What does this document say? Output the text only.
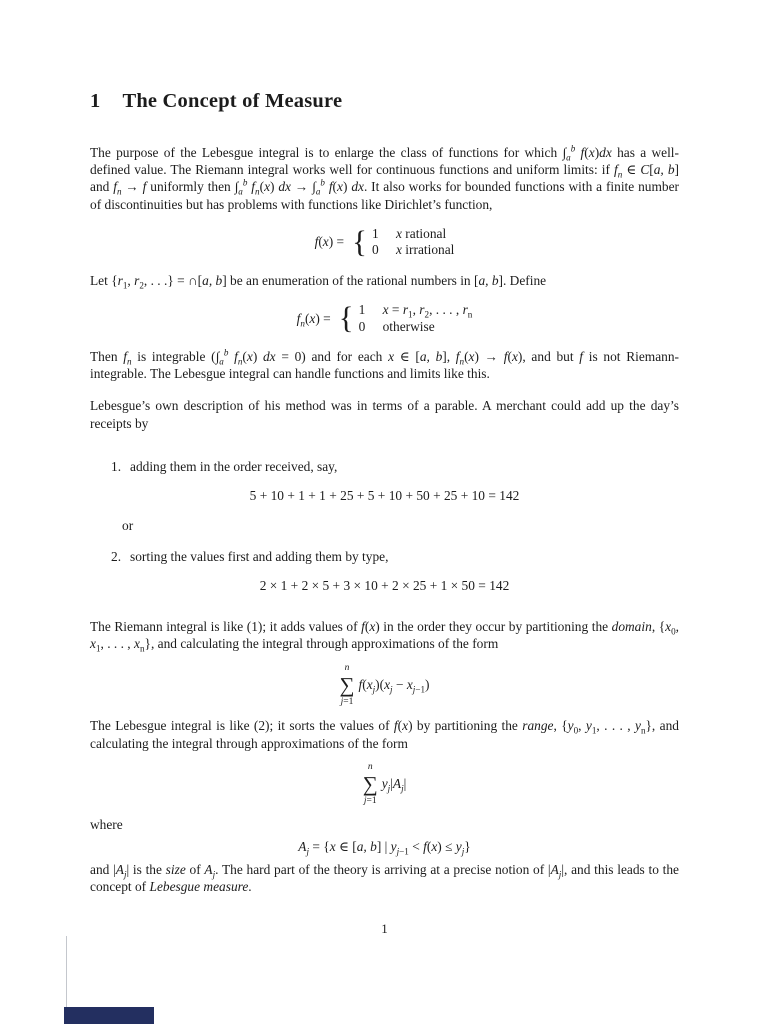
1 The Concept of Measure

The purpose of the Lebesgue integral is to enlarge the class of functions for which $\int_a^b$ f(x)dx has a well-defined value. The Riemann integral works well for continuous functions and uniform limits: if $f_n$ ∈ C[a, b] and $f_n \to f$ uniformly then $\int_a^b$ $f_n(x)$ dx → $\int_a^b$ f(x) dx. It also works for bounded functions with a finite number of discontinuities but has problems with functions like Dirichlet’s function,

f(x) = { 1 x rational
0 x irrational

Let {$r_1$, $r_2$, . . .} = ∩[a, b] be an enumeration of the rational numbers in [a, b]. Define

$f_n(x)$ = { 1 $x = r_1$, $r_2$, . . . , $r_n$
0 otherwise

Then $f_n$ is integrable ($\int_a^b$ $f_n(x)$ dx = 0) and for each x ∈ [a, b], $f_n(x) \to f(x)$, and but f is not Riemann-integrable. The Lebesgue integral can handle functions and limits like this.

Lebesgue’s own description of his method was in terms of a parable. A merchant could add up the day’s receipts by

1. adding them in the order received, say,
5 + 10 + 1 + 1 + 25 + 5 + 10 + 50 + 25 + 10 = 142
or
2. sorting the values first and adding them by type,
2 × 1 + 2 × 5 + 3 × 10 + 2 × 25 + 1 × 50 = 142

The Riemann integral is like (1); it adds values of f(x) in the order they occur by partitioning the domain, {$x_0$, $x_1$, . . . , $x_n$}, and calculating the integral through approximations of the form

n
∑
j=1
$f(x_j)(x_j - x_{j-1})$

The Lebesgue integral is like (2); it sorts the values of f(x) by partitioning the range, {$y_0$, $y_1$, . . . , $y_n$}, and calculating the integral through approximations of the form

n
∑
j=1
$y_j|A_j|$
where
$A_j = \{x$ ∈ [a, b] | $y_{j-1} < f(x) \le y_j$}

and $|A_j|$ is the size of $A_j$. The hard part of the theory is arriving at a precise notion of $|A_j|$, and this leads to the concept of Lebesgue measure.

1
